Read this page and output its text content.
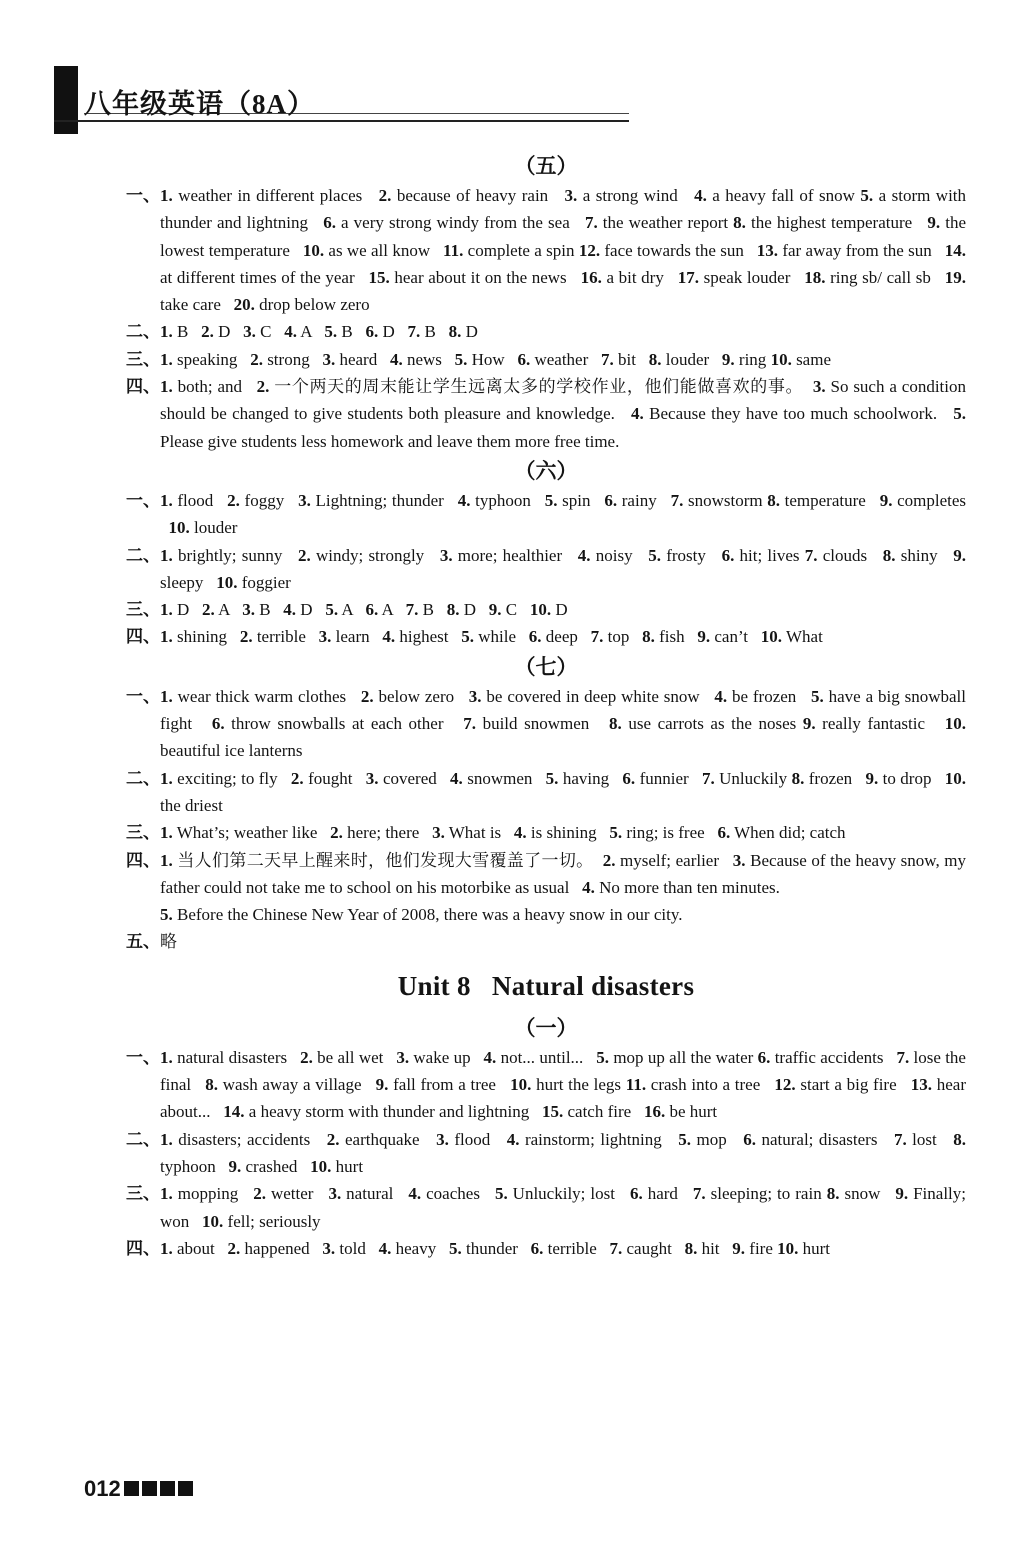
八年级英语（8A）
（五）
一、 1. weather in different places   2. because of heavy rain   3. a strong wind   4. a heavy fall of snow 5. a storm with thunder and lightning   6. a very strong windy from the sea   7. the weather report 8. the highest temperature   9. the lowest temperature   10. as we all know   11. complete a spin 12. face towards the sun   13. far away from the sun   14. at different times of the year   15. hear about it on the news   16. a bit dry   17. speak louder   18. ring sb/ call sb   19. take care   20. drop below zero
二、 1. B   2. D   3. C   4. A   5. B   6. D   7. B   8. D
三、 1. speaking   2. strong   3. heard   4. news   5. How   6. weather   7. bit   8. louder   9. ring 10. same
四、 1. both; and   2. 一个两天的周末能让学生远离太多的学校作业，他们能做喜欢的事。  3. So such a condition should be changed to give students both pleasure and knowledge.   4. Because they have too much schoolwork.   5. Please give students less homework and leave them more free time.
（六）
一、 1. flood   2. foggy   3. Lightning; thunder   4. typhoon   5. spin   6. rainy   7. snowstorm 8. temperature   9. completes   10. louder
二、 1. brightly; sunny   2. windy; strongly   3. more; healthier   4. noisy   5. frosty   6. hit; lives 7. clouds   8. shiny   9. sleepy   10. foggier
三、 1. D   2. A   3. B   4. D   5. A   6. A   7. B   8. D   9. C   10. D
四、 1. shining   2. terrible   3. learn   4. highest   5. while   6. deep   7. top   8. fish   9. can’t   10. What
（七）
一、 1. wear thick warm clothes   2. below zero   3. be covered in deep white snow   4. be frozen   5. have a big snowball fight   6. throw snowballs at each other   7. build snowmen   8. use carrots as the noses 9. really fantastic   10. beautiful ice lanterns
二、 1. exciting; to fly   2. fought   3. covered   4. snowmen   5. having   6. funnier   7. Unluckily 8. frozen   9. to drop   10. the driest
三、 1. What’s; weather like   2. here; there   3. What is   4. is shining   5. ring; is free   6. When did; catch
四、 1. 当人们第二天早上醒来时，他们发现大雪覆盖了一切。  2. myself; earlier   3. Because of the heavy snow, my father could not take me to school on his motorbike as usual   4. No more than ten minutes.
5. Before the Chinese New Year of 2008, there was a heavy snow in our city.
五、 略
Unit 8   Natural disasters
（一）
一、 1. natural disasters   2. be all wet   3. wake up   4. not... until...   5. mop up all the water 6. traffic accidents   7. lose the final   8. wash away a village   9. fall from a tree   10. hurt the legs 11. crash into a tree   12. start a big fire   13. hear about...   14. a heavy storm with thunder and lightning   15. catch fire   16. be hurt
二、 1. disasters; accidents   2. earthquake   3. flood   4. rainstorm; lightning   5. mop   6. natural; disasters   7. lost   8. typhoon   9. crashed   10. hurt
三、 1. mopping   2. wetter   3. natural   4. coaches   5. Unluckily; lost   6. hard   7. sleeping; to rain 8. snow   9. Finally; won   10. fell; seriously
四、 1. about   2. happened   3. told   4. heavy   5. thunder   6. terrible   7. caught   8. hit   9. fire 10. hurt
012
